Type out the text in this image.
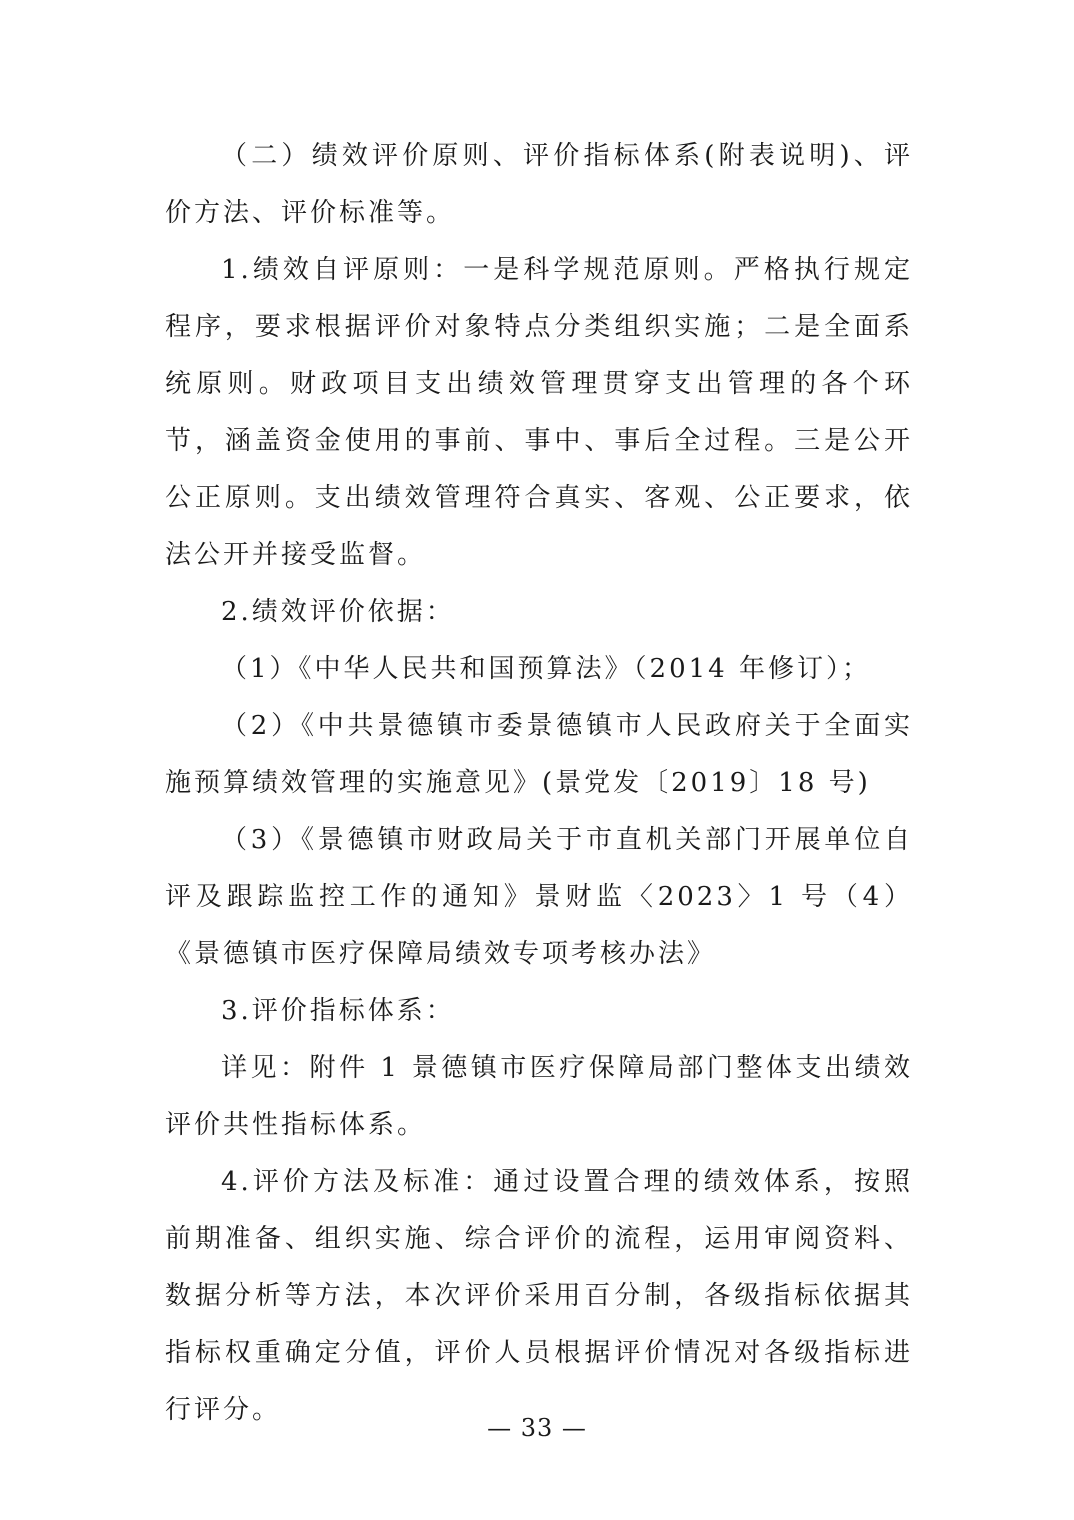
（二）绩效评价原则、评价指标体系(附表说明)、评价方法、评价标准等。

1.绩效自评原则：一是科学规范原则。严格执行规定程序，要求根据评价对象特点分类组织实施；二是全面系统原则。财政项目支出绩效管理贯穿支出管理的各个环节，涵盖资金使用的事前、事中、事后全过程。三是公开公正原则。支出绩效管理符合真实、客观、公正要求，依法公开并接受监督。

2.绩效评价依据：

（1）《中华人民共和国预算法》（2014 年修订）；

（2）《中共景德镇市委景德镇市人民政府关于全面实施预算绩效管理的实施意见》(景党发〔2019〕18 号)

（3）《景德镇市财政局关于市直机关部门开展单位自评及跟踪监控工作的通知》景财监〈2023〉1 号（4）《景德镇市医疗保障局绩效专项考核办法》

3.评价指标体系：

详见：附件 1 景德镇市医疗保障局部门整体支出绩效评价共性指标体系。

4.评价方法及标准：通过设置合理的绩效体系，按照前期准备、组织实施、综合评价的流程，运用审阅资料、数据分析等方法，本次评价采用百分制，各级指标依据其指标权重确定分值，评价人员根据评价情况对各级指标进行评分。

— 33 —
